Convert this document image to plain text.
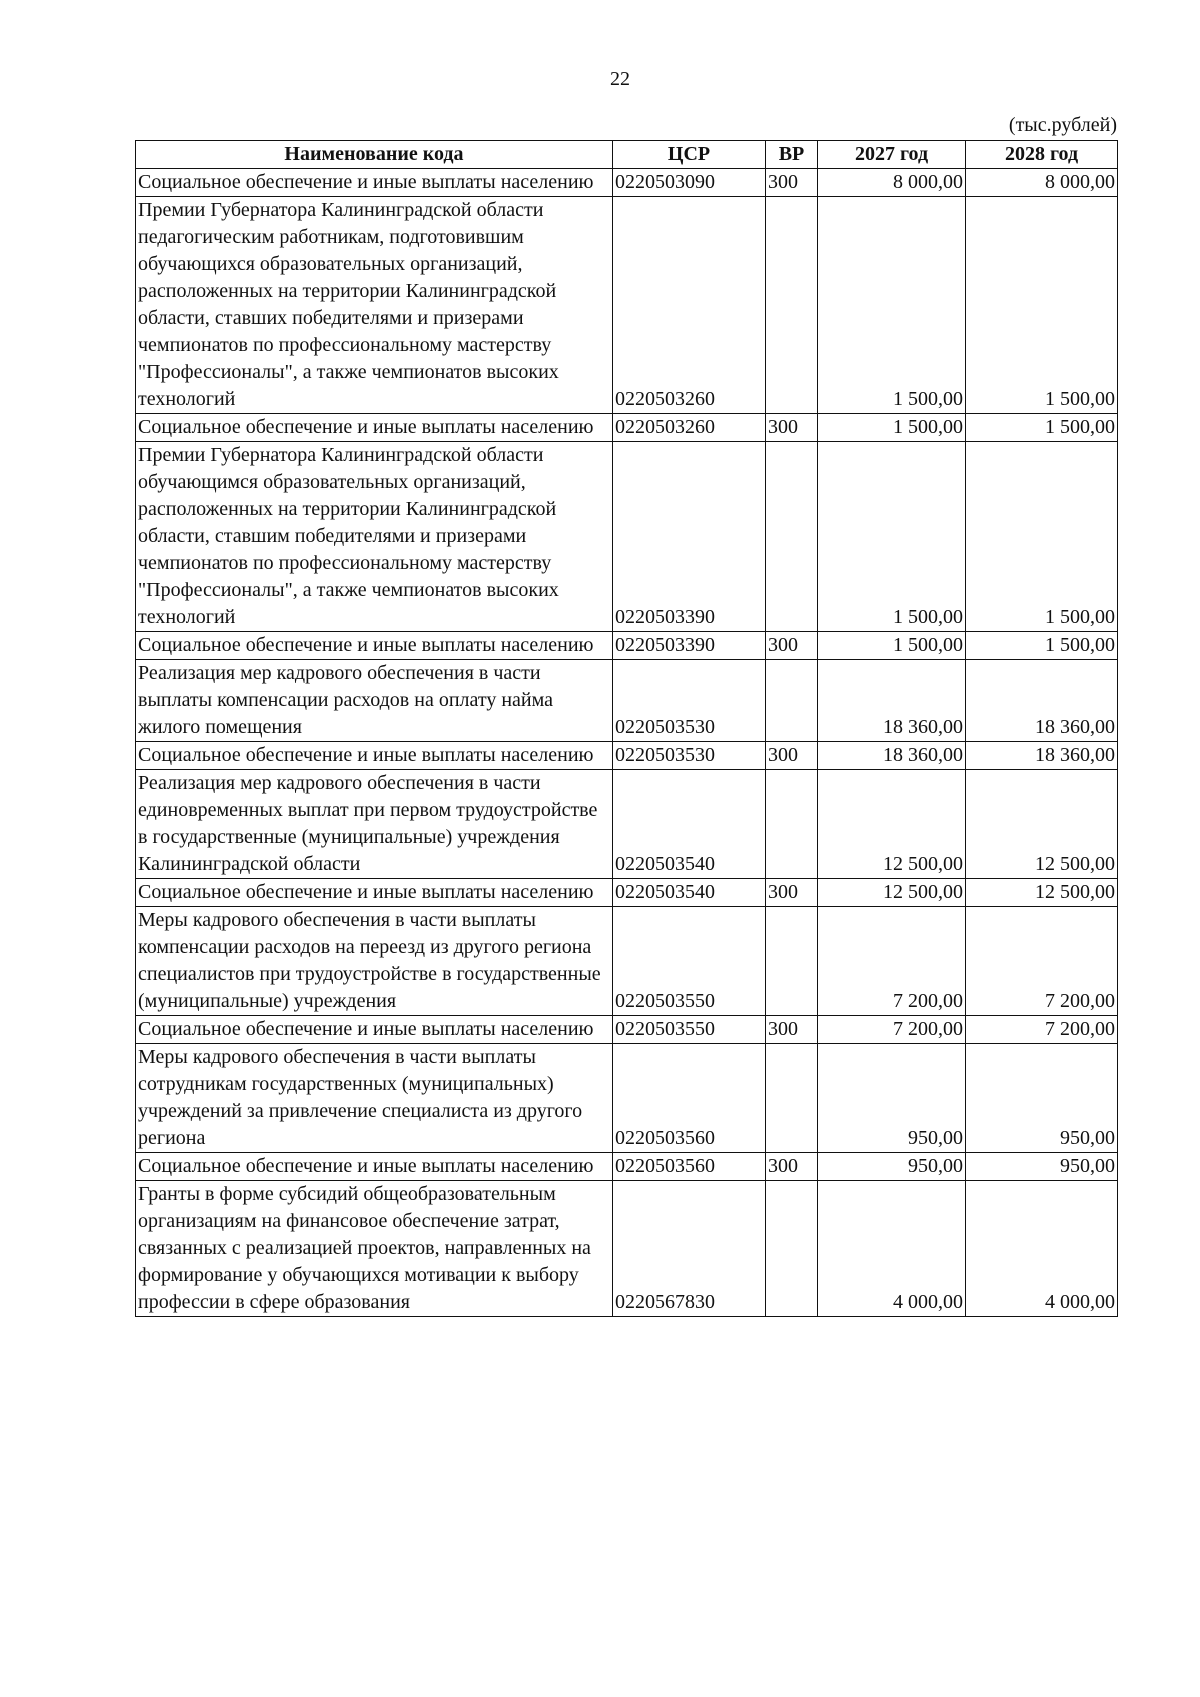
22
(тыс.рублей)
Наименование кода	ЦСР	ВР	2027 год	2028 год
Социальное обеспечение и иные выплаты населению	0220503090	300	8 000,00	8 000,00
Премии Губернатора Калининградской области педагогическим работникам, подготовившим обучающихся образовательных организаций, расположенных на территории Калининградской области, ставших победителями и призерами чемпионатов по профессиональному мастерству "Профессионалы", а также чемпионатов высоких технологий	0220503260		1 500,00	1 500,00
Социальное обеспечение и иные выплаты населению	0220503260	300	1 500,00	1 500,00
Премии Губернатора Калининградской области обучающимся образовательных организаций, расположенных на территории Калининградской области, ставшим победителями и призерами чемпионатов по профессиональному мастерству "Профессионалы", а также чемпионатов высоких технологий	0220503390		1 500,00	1 500,00
Социальное обеспечение и иные выплаты населению	0220503390	300	1 500,00	1 500,00
Реализация мер кадрового обеспечения в части выплаты компенсации расходов на оплату найма жилого помещения	0220503530		18 360,00	18 360,00
Социальное обеспечение и иные выплаты населению	0220503530	300	18 360,00	18 360,00
Реализация мер кадрового обеспечения в части единовременных выплат при первом трудоустройстве в государственные (муниципальные) учреждения Калининградской области	0220503540		12 500,00	12 500,00
Социальное обеспечение и иные выплаты населению	0220503540	300	12 500,00	12 500,00
Меры кадрового обеспечения в части выплаты компенсации расходов на переезд из другого региона специалистов при трудоустройстве в государственные (муниципальные) учреждения	0220503550		7 200,00	7 200,00
Социальное обеспечение и иные выплаты населению	0220503550	300	7 200,00	7 200,00
Меры кадрового обеспечения в части выплаты сотрудникам государственных (муниципальных) учреждений за привлечение специалиста из другого региона	0220503560		950,00	950,00
Социальное обеспечение и иные выплаты населению	0220503560	300	950,00	950,00
Гранты в форме субсидий общеобразовательным организациям на финансовое обеспечение затрат, связанных с реализацией проектов, направленных на формирование у обучающихся мотивации к выбору профессии в сфере образования	0220567830		4 000,00	4 000,00
